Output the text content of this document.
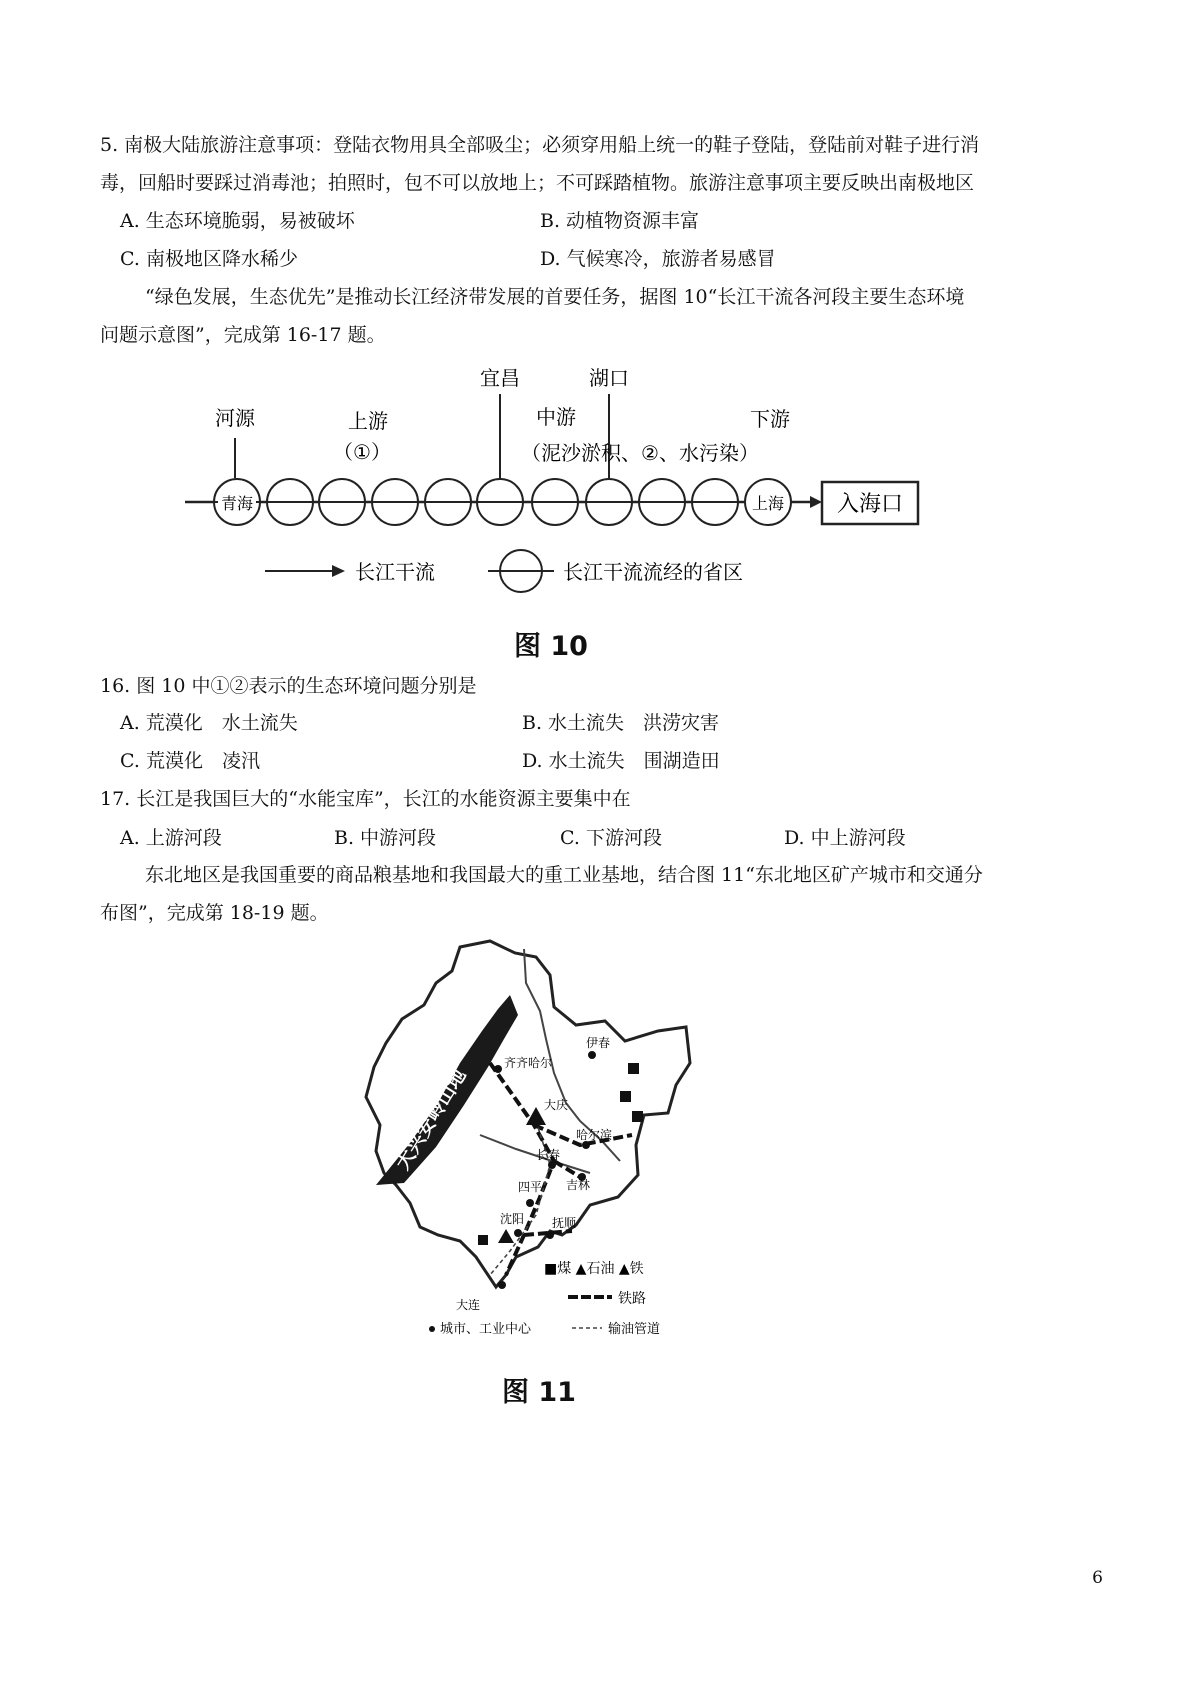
5. 南极大陆旅游注意事项：登陆衣物用具全部吸尘；必须穿用船上统一的鞋子登陆，登陆前对鞋子进行消
毒，回船时要踩过消毒池；拍照时，包不可以放地上；不可踩踏植物。旅游注意事项主要反映出南极地区
A. 生态环境脆弱，易被破坏	B. 动植物资源丰富
C. 南极地区降水稀少	D. 气候寒冷，旅游者易感冒
“绿色发展，生态优先”是推动长江经济带发展的首要任务，据图 10“长江干流各河段主要生态环境
问题示意图”，完成第 16-17 题。
河源	上游
（①）
宜昌	湖口
中游
（泥沙淤积、②、水污染）
下游
青海	上海 入海口
长江干流	长江干流流经的省区
图 10
16. 图 10 中①②表示的生态环境问题分别是
A. 荒漠化　水土流失	B. 水土流失　洪涝灾害
C. 荒漠化　凌汛	D. 水土流失　围湖造田
17. 长江是我国巨大的“水能宝库”，长江的水能资源主要集中在
A. 上游河段	B. 中游河段	C. 下游河段	D. 中上游河段
东北地区是我国重要的商品粮基地和我国最大的重工业基地，结合图 11“东北地区矿产城市和交通分
布图”，完成第 18-19 题。
大兴安岭山地
齐齐哈尔
伊春
大庆
哈尔滨
长春
吉林
四平
沈阳 抚顺
大连
■煤 ▲石油 ▲铁
铁路
城市、工业中心	输油管道
图 11
6
